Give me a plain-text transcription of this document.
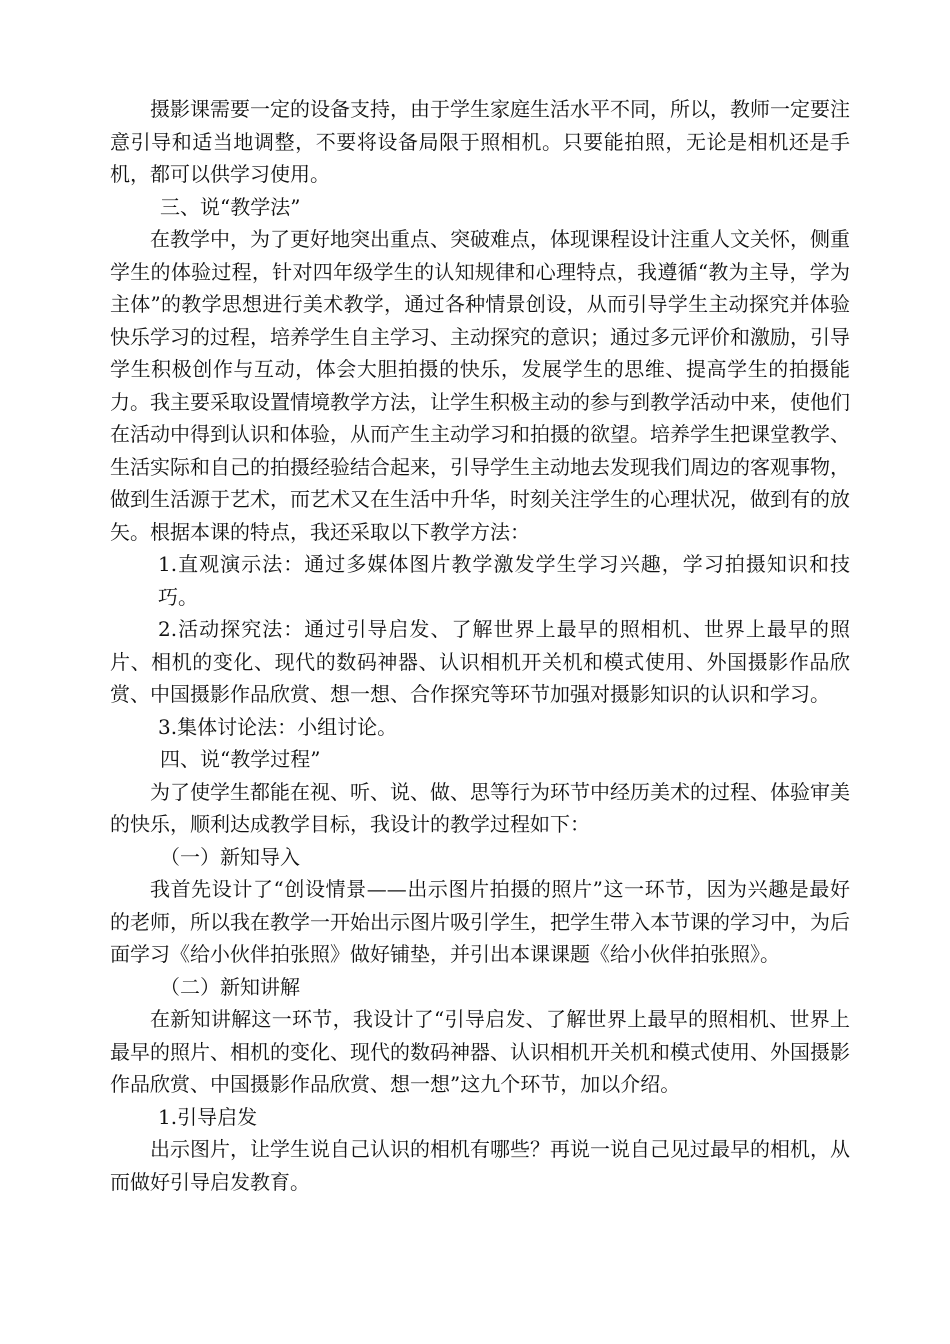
摄影课需要一定的设备支持，由于学生家庭生活水平不同，所以，教师一定要注意引导和适当地调整，不要将设备局限于照相机。只要能拍照，无论是相机还是手机，都可以供学习使用。

三、说“教学法”

在教学中，为了更好地突出重点、突破难点，体现课程设计注重人文关怀，侧重学生的体验过程，针对四年级学生的认知规律和心理特点，我遵循“教为主导，学为主体”的教学思想进行美术教学，通过各种情景创设，从而引导学生主动探究并体验快乐学习的过程，培养学生自主学习、主动探究的意识；通过多元评价和激励，引导学生积极创作与互动，体会大胆拍摄的快乐，发展学生的思维、提高学生的拍摄能力。我主要采取设置情境教学方法，让学生积极主动的参与到教学活动中来，使他们在活动中得到认识和体验，从而产生主动学习和拍摄的欲望。培养学生把课堂教学、生活实际和自己的拍摄经验结合起来，引导学生主动地去发现我们周边的客观事物，做到生活源于艺术，而艺术又在生活中升华，时刻关注学生的心理状况，做到有的放矢。根据本课的特点，我还采取以下教学方法：

1.直观演示法：通过多媒体图片教学激发学生学习兴趣，学习拍摄知识和技巧。

2.活动探究法：通过引导启发、了解世界上最早的照相机、世界上最早的照片、相机的变化、现代的数码神器、认识相机开关机和模式使用、外国摄影作品欣赏、中国摄影作品欣赏、想一想、合作探究等环节加强对摄影知识的认识和学习。

3.集体讨论法：小组讨论。

四、说“教学过程”

为了使学生都能在视、听、说、做、思等行为环节中经历美术的过程、体验审美的快乐，顺利达成教学目标，我设计的教学过程如下：

（一）新知导入

我首先设计了“创设情景——出示图片拍摄的照片”这一环节，因为兴趣是最好的老师，所以我在教学一开始出示图片吸引学生，把学生带入本节课的学习中，为后面学习《给小伙伴拍张照》做好铺垫，并引出本课课题《给小伙伴拍张照》。

（二）新知讲解

在新知讲解这一环节，我设计了“引导启发、了解世界上最早的照相机、世界上最早的照片、相机的变化、现代的数码神器、认识相机开关机和模式使用、外国摄影作品欣赏、中国摄影作品欣赏、想一想”这九个环节，加以介绍。

1.引导启发

出示图片，让学生说自己认识的相机有哪些？再说一说自己见过最早的相机，从而做好引导启发教育。
